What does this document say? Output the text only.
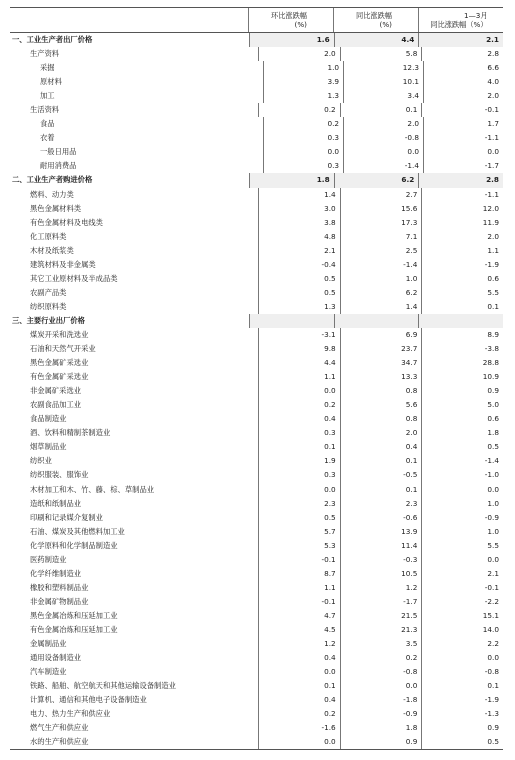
环比涨跌幅
(%)
同比涨跌幅
(%)
1—3月
同比涨跌幅（%）
一、工业生产者出厂价格	1.6	4.4	2.1
生产资料	2.0	5.8	2.8
采掘	1.0	12.3	6.6
原材料	3.9	10.1	4.0
加工	1.3	3.4	2.0
生活资料	0.2	0.1	-0.1
食品	0.2	2.0	1.7
衣着	0.3	-0.8	-1.1
一般日用品	0.0	0.0	0.0
耐用消费品	0.3	-1.4	-1.7
二、工业生产者购进价格	1.8	6.2	2.8
燃料、动力类	1.4	2.7	-1.1
黑色金属材料类	3.0	15.6	12.0
有色金属材料及电线类	3.8	17.3	11.9
化工原料类	4.8	7.1	2.0
木材及纸浆类	2.1	2.5	1.1
建筑材料及非金属类	-0.4	-1.4	-1.9
其它工业原材料及半成品类	0.5	1.0	0.6
农副产品类	0.5	6.2	5.5
纺织原料类	1.3	1.4	0.1
三、主要行业出厂价格
煤炭开采和洗选业	-3.1	6.9	8.9
石油和天然气开采业	9.8	23.7	-3.8
黑色金属矿采选业	4.4	34.7	28.8
有色金属矿采选业	1.1	13.3	10.9
非金属矿采选业	0.0	0.8	0.9
农副食品加工业	0.2	5.6	5.0
食品制造业	0.4	0.8	0.6
酒、饮料和精制茶制造业	0.3	2.0	1.8
烟草制品业	0.1	0.4	0.5
纺织业	1.9	0.1	-1.4
纺织服装、服饰业	0.3	-0.5	-1.0
木材加工和木、竹、藤、棕、草制品业	0.0	0.1	0.0
造纸和纸制品业	2.3	2.3	1.0
印刷和记录媒介复制业	0.5	-0.6	-0.9
石油、煤炭及其他燃料加工业	5.7	13.9	1.0
化学原料和化学制品制造业	5.3	11.4	5.5
医药制造业	-0.1	-0.3	0.0
化学纤维制造业	8.7	10.5	2.1
橡胶和塑料制品业	1.1	1.2	-0.1
非金属矿物制品业	-0.1	-1.7	-2.2
黑色金属冶炼和压延加工业	4.7	21.5	15.1
有色金属冶炼和压延加工业	4.5	21.3	14.0
金属制品业	1.2	3.5	2.2
通用设备制造业	0.4	0.2	0.0
汽车制造业	0.0	-0.8	-0.8
铁路、船舶、航空航天和其他运输设备制造业	0.1	0.0	0.1
计算机、通信和其他电子设备制造业	0.4	-1.8	-1.9
电力、热力生产和供应业	0.2	-0.9	-1.3
燃气生产和供应业	-1.6	1.8	0.9
水的生产和供应业	0.0	0.9	0.5
